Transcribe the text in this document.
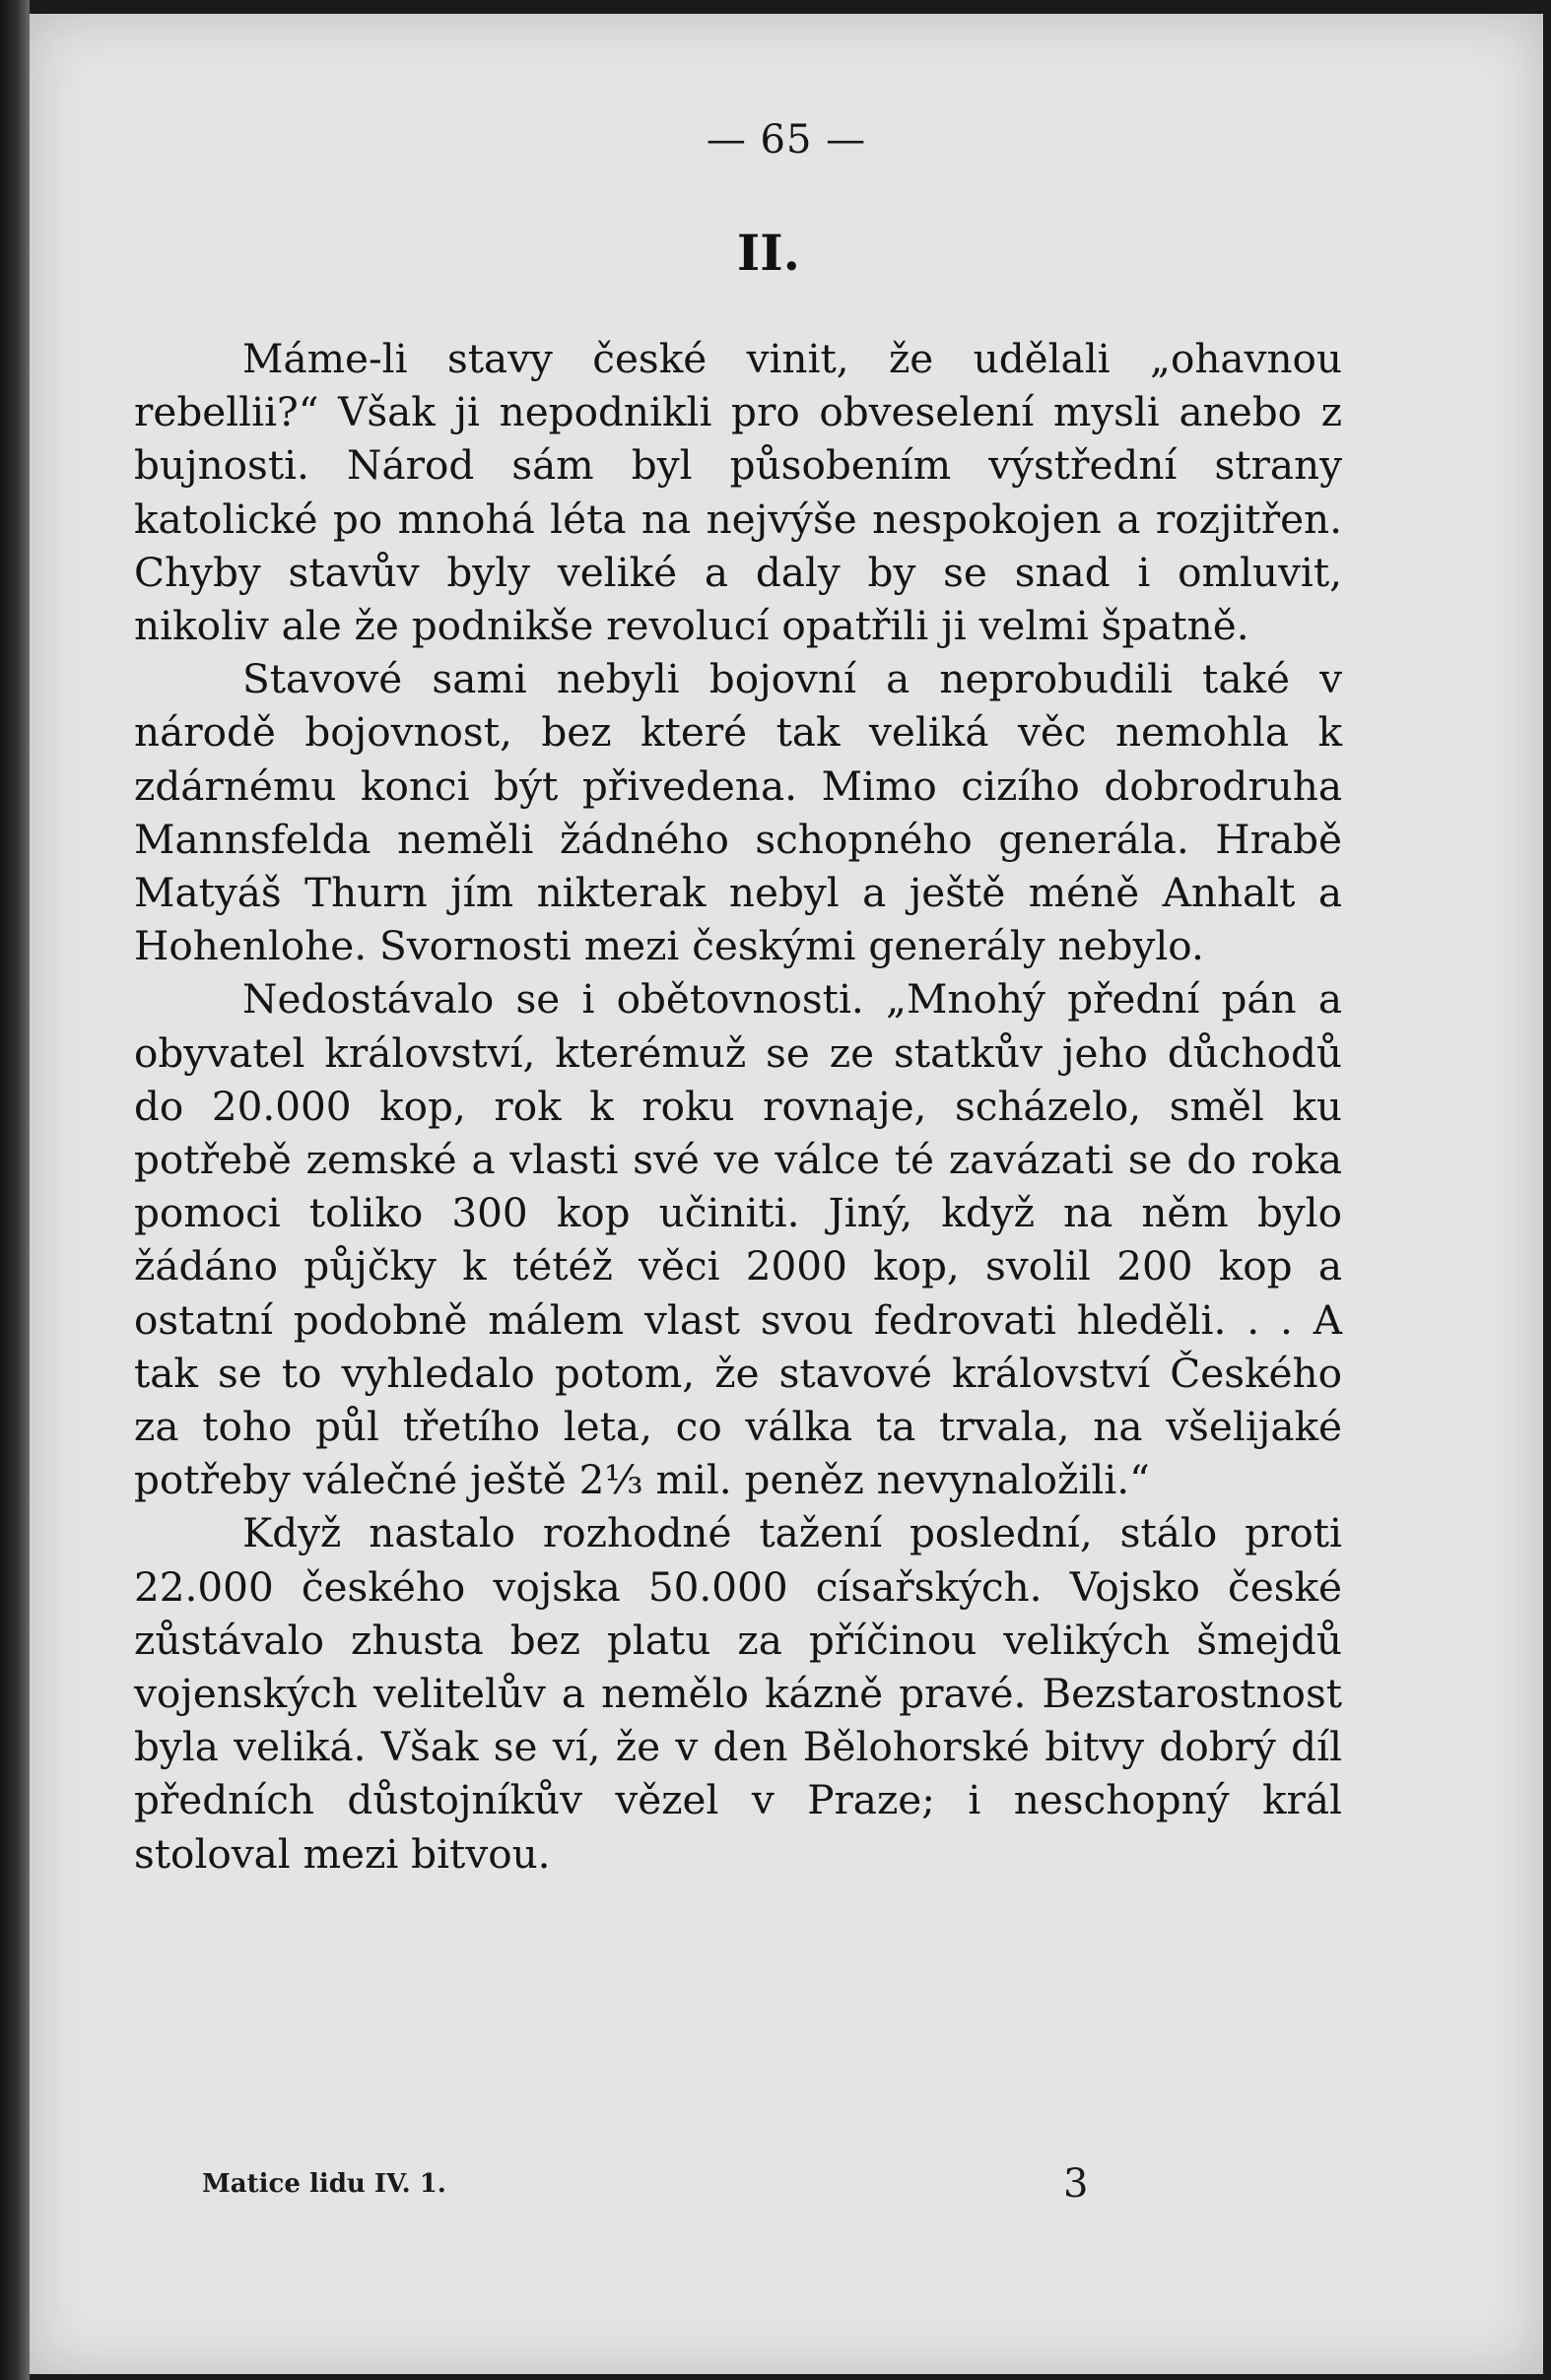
— 65 —
II.

Máme-li stavy české vinit, že udělali „ohavnou rebellii?“ Však ji nepodnikli pro obveselení mysli anebo z bujnosti. Národ sám byl působením výstřední strany katolické po mnohá léta na nejvýše nespokojen a rozjitřen. Chyby stavův byly veliké a daly by se snad i omluvit, nikoliv ale že podnikše revolucí opatřili ji velmi špatně.

Stavové sami nebyli bojovní a neprobudili také v národě bojovnost, bez které tak veliká věc nemohla k zdárnému konci být přivedena. Mimo cizího dobrodruha Mannsfelda neměli žádného schopného generála. Hrabě Matyáš Thurn jím nikterak nebyl a ještě méně Anhalt a Hohenlohe. Svornosti mezi českými generály nebylo.

Nedostávalo se i obětovnosti. „Mnohý přední pán a obyvatel království, kterémuž se ze statkův jeho důchodů do 20.000 kop, rok k roku rovnaje, scházelo, směl ku potřebě zemské a vlasti své ve válce té zavázati se do roka pomoci toliko 300 kop učiniti. Jiný, když na něm bylo žádáno půjčky k tétéž věci 2000 kop, svolil 200 kop a ostatní podobně málem vlast svou fedrovati hleděli. . . A tak se to vyhledalo potom, že stavové království Českého za toho půl třetího leta, co válka ta trvala, na všelijaké potřeby válečné ještě 2⅓ mil. peněz nevynaložili.“

Když nastalo rozhodné tažení poslední, stálo proti 22.000 českého vojska 50.000 císařských. Vojsko české zůstávalo zhusta bez platu za příčinou velikých šmejdů vojenských velitelův a nemělo kázně pravé. Bezstarostnost byla veliká. Však se ví, že v den Bělohorské bitvy dobrý díl předních důstojníkův vězel v Praze; i neschopný král stoloval mezi bitvou.

Matice lidu IV. 1.	3
